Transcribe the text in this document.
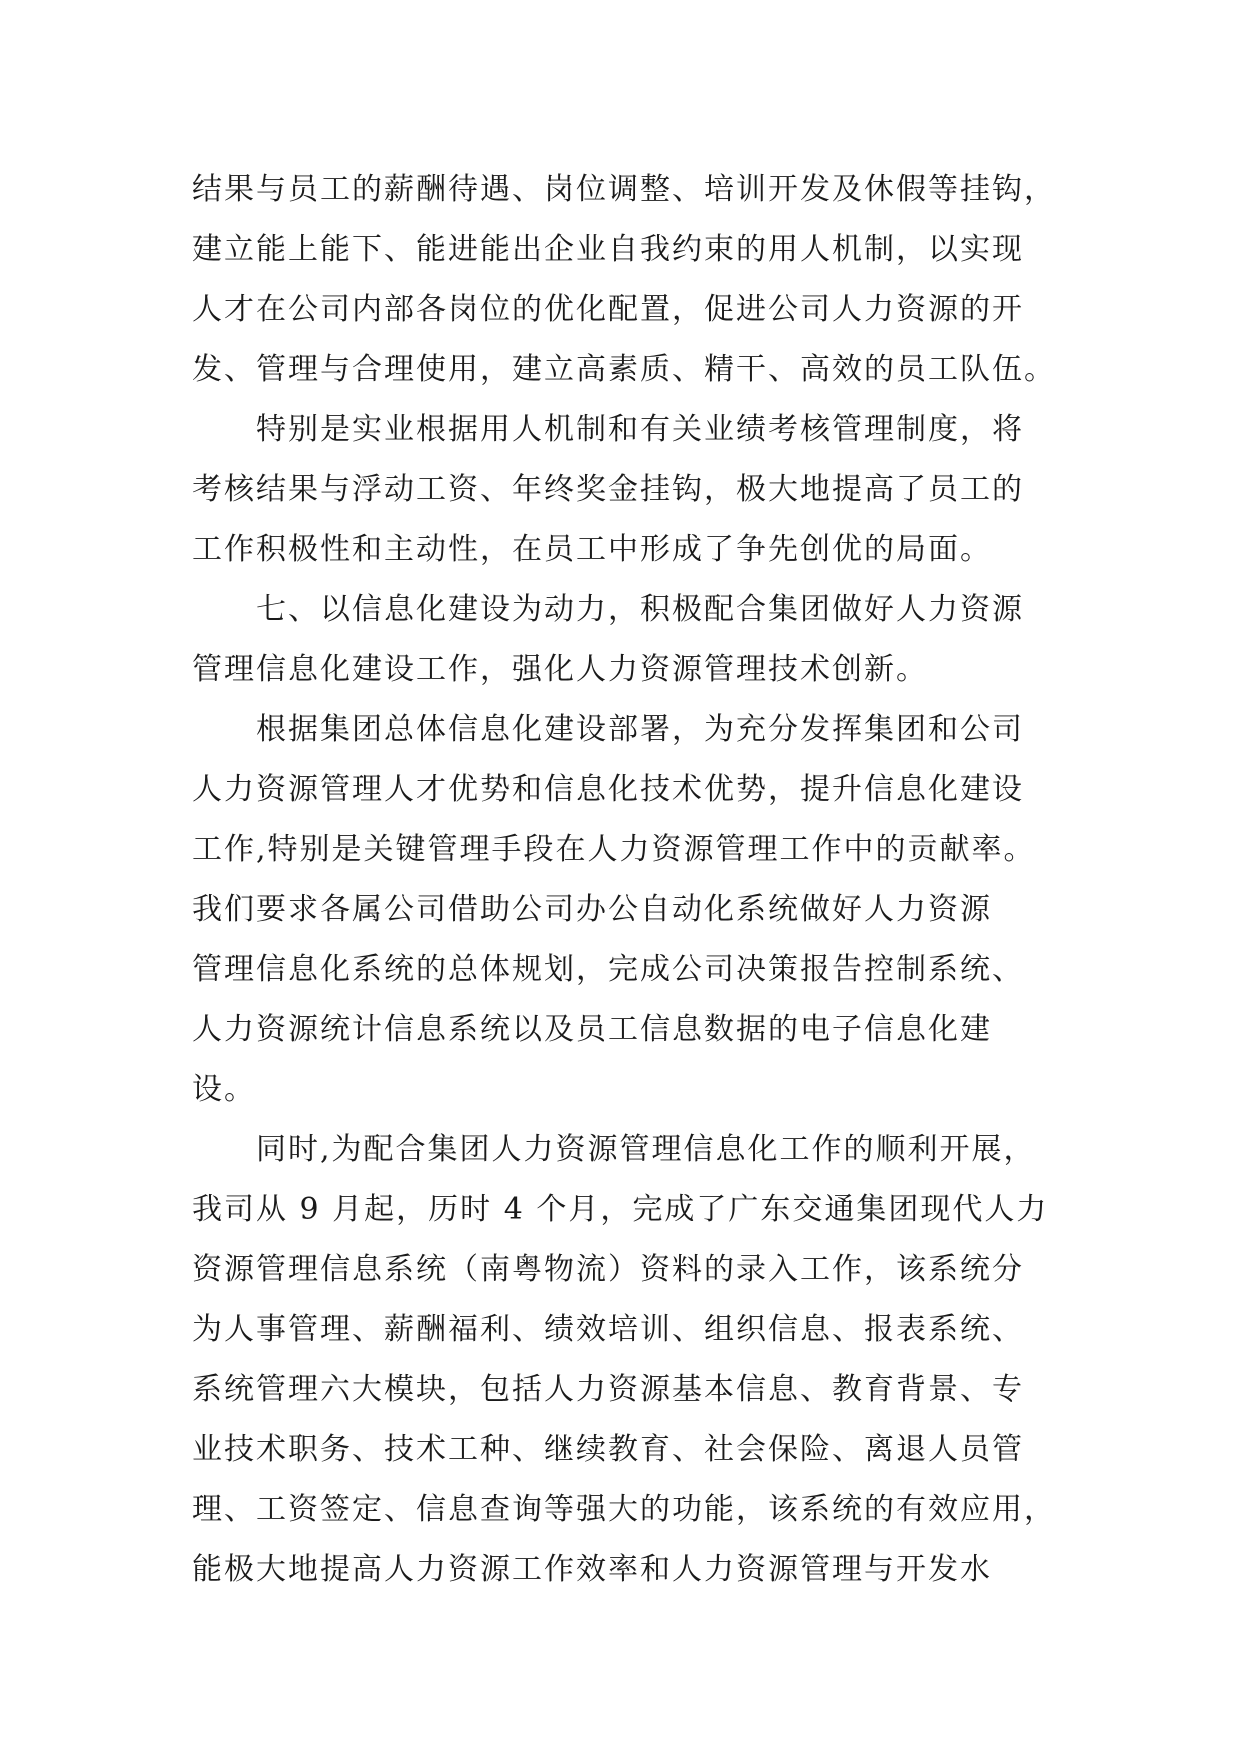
结果与员工的薪酬待遇、岗位调整、培训开发及休假等挂钩，
建立能上能下、能进能出企业自我约束的用人机制，以实现
人才在公司内部各岗位的优化配置，促进公司人力资源的开
发、管理与合理使用，建立高素质、精干、高效的员工队伍。
特别是实业根据用人机制和有关业绩考核管理制度，将
考核结果与浮动工资、年终奖金挂钩，极大地提高了员工的
工作积极性和主动性，在员工中形成了争先创优的局面。
七、以信息化建设为动力，积极配合集团做好人力资源
管理信息化建设工作，强化人力资源管理技术创新。
根据集团总体信息化建设部署，为充分发挥集团和公司
人力资源管理人才优势和信息化技术优势，提升信息化建设
工作,特别是关键管理手段在人力资源管理工作中的贡献率。
我们要求各属公司借助公司办公自动化系统做好人力资源
管理信息化系统的总体规划，完成公司决策报告控制系统、
人力资源统计信息系统以及员工信息数据的电子信息化建
设。
同时,为配合集团人力资源管理信息化工作的顺利开展，
我司从 9 月起，历时 4 个月，完成了广东交通集团现代人力
资源管理信息系统（南粤物流）资料的录入工作，该系统分
为人事管理、薪酬福利、绩效培训、组织信息、报表系统、
系统管理六大模块，包括人力资源基本信息、教育背景、专
业技术职务、技术工种、继续教育、社会保险、离退人员管
理、工资签定、信息查询等强大的功能，该系统的有效应用，
能极大地提高人力资源工作效率和人力资源管理与开发水
